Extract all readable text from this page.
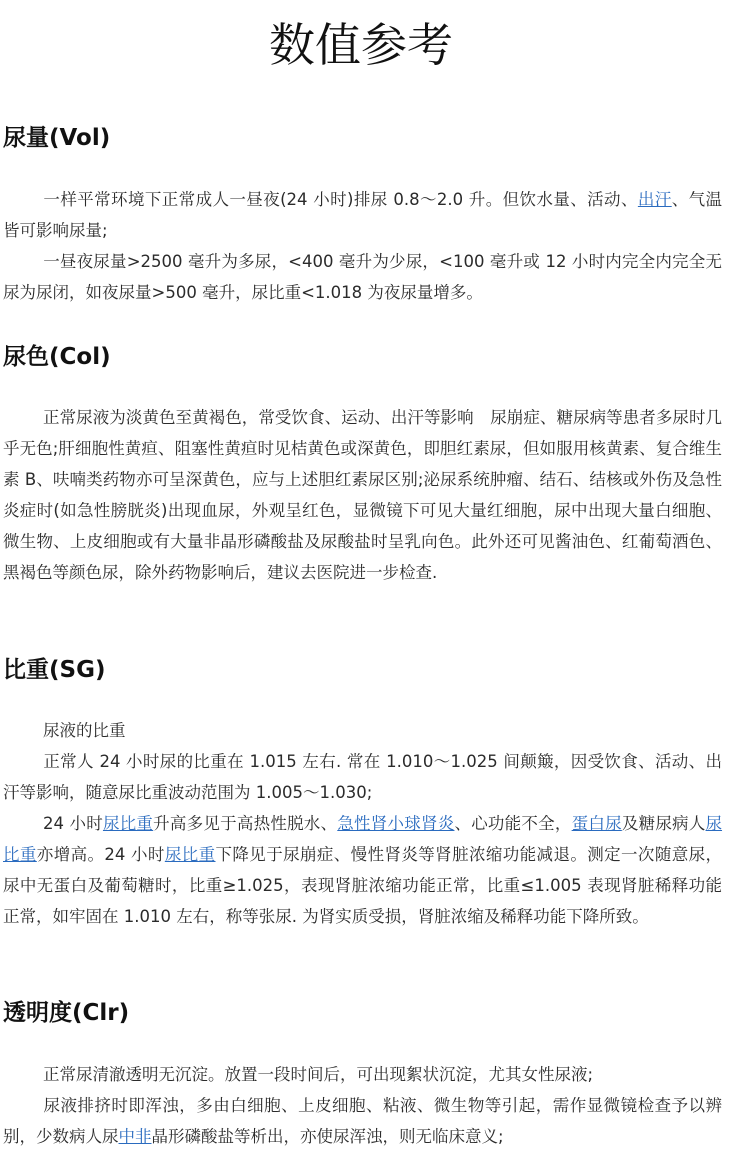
数值参考
尿量(Vol)

一样平常环境下正常成人一昼夜(24 小时)排尿 0.8～2.0 升。但饮水量、活动、出汗、气温皆可影响尿量;

一昼夜尿量>2500 毫升为多尿，<400 毫升为少尿，<100 毫升或 12 小时内完全内完全无尿为尿闭，如夜尿量>500 毫升，尿比重<1.018 为夜尿量增多。

尿色(Col)

正常尿液为淡黄色至黄褐色，常受饮食、运动、出汗等影响　尿崩症、糖尿病等患者多尿时几乎无色;肝细胞性黄疸、阻塞性黄疸时见桔黄色或深黄色，即胆红素尿，但如服用核黄素、复合维生素 B、呋喃类药物亦可呈深黄色，应与上述胆红素尿区别;泌尿系统肿瘤、结石、结核或外伤及急性炎症时(如急性膀胱炎)出现血尿，外观呈红色，显微镜下可见大量红细胞，尿中出现大量白细胞、微生物、上皮细胞或有大量非晶形磷酸盐及尿酸盐时呈乳向色。此外还可见酱油色、红葡萄酒色、黑褐色等颜色尿，除外药物影响后，建议去医院进一步检查.

比重(SG)

尿液的比重

正常人 24 小时尿的比重在 1.015 左右. 常在 1.010～1.025 间颠簸，因受饮食、活动、出汗等影响，随意尿比重波动范围为 1.005～1.030;

24 小时尿比重升高多见于高热性脱水、急性肾小球肾炎、心功能不全，蛋白尿及糖尿病人尿比重亦增高。24 小时尿比重下降见于尿崩症、慢性肾炎等肾脏浓缩功能减退。测定一次随意尿，尿中无蛋白及葡萄糖时，比重≥1.025，表现肾脏浓缩功能正常，比重≤1.005 表现肾脏稀释功能正常，如牢固在 1.010 左右，称等张尿. 为肾实质受损，肾脏浓缩及稀释功能下降所致。

透明度(Clr)

正常尿清澈透明无沉淀。放置一段时间后，可出现絮状沉淀，尤其女性尿液;

尿液排挤时即浑浊，多由白细胞、上皮细胞、粘液、微生物等引起，需作显微镜检查予以辨别，少数病人尿中非晶形磷酸盐等析出，亦使尿浑浊，则无临床意义;
